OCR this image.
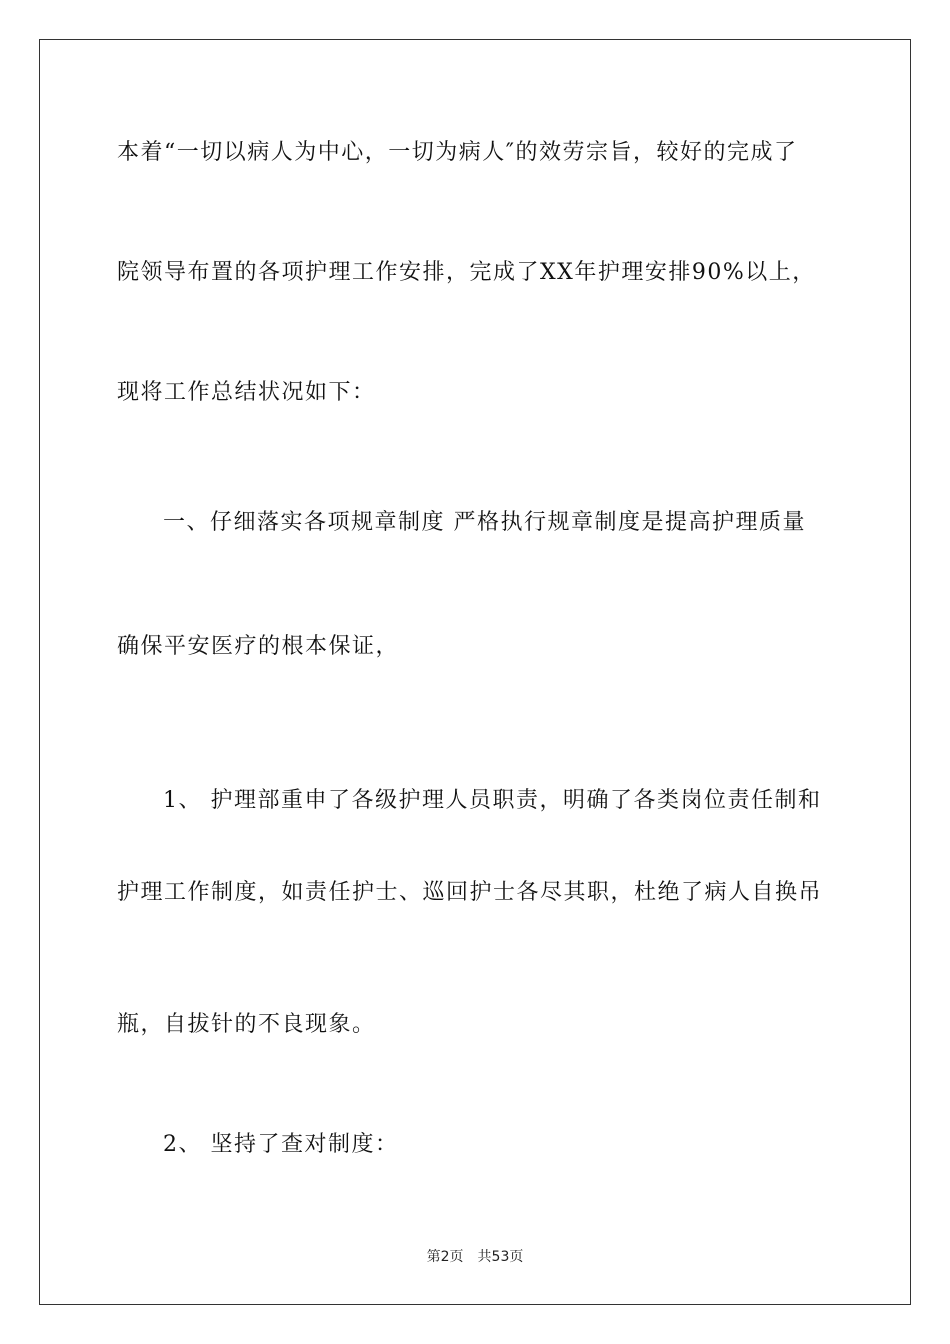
本着“一切以病人为中心，一切为病人″的效劳宗旨，较好的完成了
院领导布置的各项护理工作安排，完成了XX年护理安排90%以上，
现将工作总结状况如下：
一、仔细落实各项规章制度 严格执行规章制度是提高护理质量
确保平安医疗的根本保证，
1、 护理部重申了各级护理人员职责，明确了各类岗位责任制和
护理工作制度，如责任护士、巡回护士各尽其职，杜绝了病人自换吊
瓶，自拔针的不良现象。
2、 坚持了查对制度：
第2页　共53页
